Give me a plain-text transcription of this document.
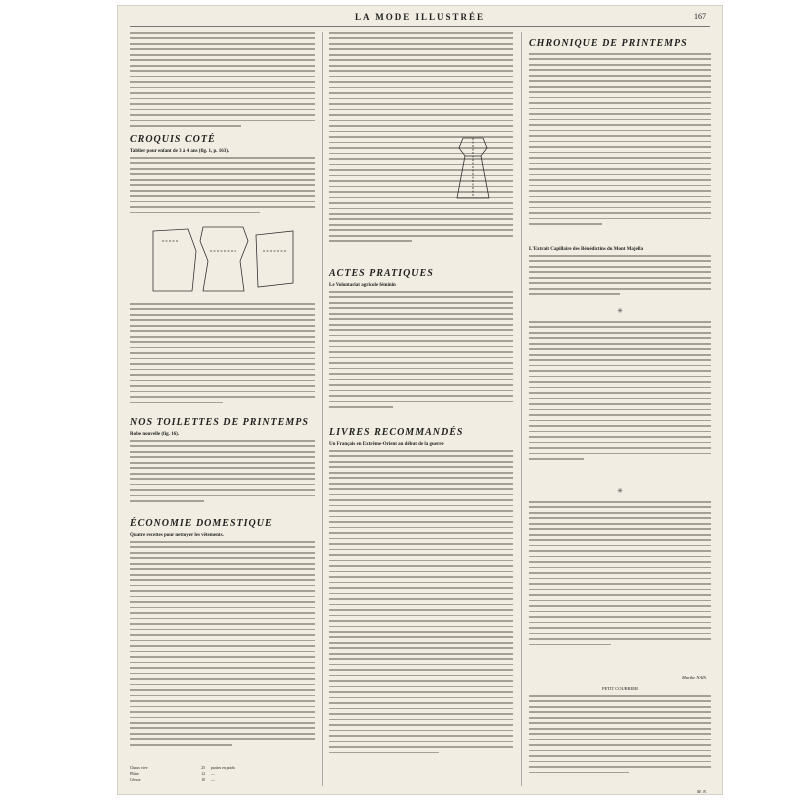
LA MODE ILLUSTRÉE	167
CROQUIS COTÉ
Tablier pour enfant de 3 à 4 ans (fig. 1, p. 163).
NOS TOILETTES DE PRINTEMPS
Robe nouvelle (fig. 16).
ÉCONOMIE DOMESTIQUE
Quatre recettes pour nettoyer les vêtements.
Chaux vive	25	parties en poids
Plâtre	12	—
Céruse	10	—
ACTES PRATIQUES
Le Volontariat agricole féminin
LIVRES RECOMMANDÉS
Un Français en Extrême-Orient au début de la guerre
CHRONIQUE DE PRINTEMPS
L'Extrait Capillaire des Bénédictins du Mont Majella
✳
✳
Marthe NAIS.
PETIT COURRIER
M. N.
